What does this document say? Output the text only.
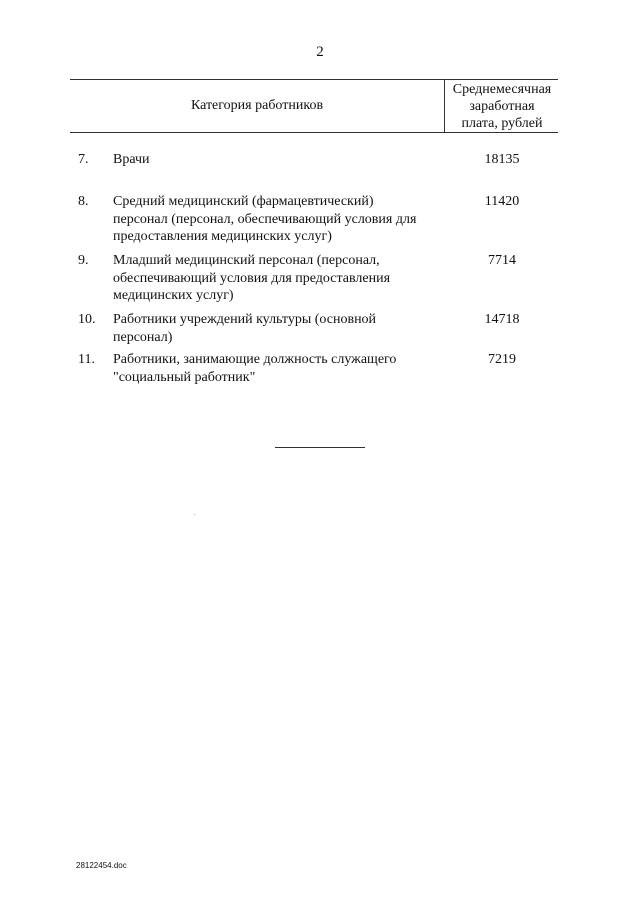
2
Категория работников
Среднемесячная
заработная
плата, рублей
7. Врачи	18135
8. Средний медицинский (фармацевтический)
персонал (персонал, обеспечивающий условия для
предоставления медицинских услуг)
11420
9. Младший медицинский персонал (персонал,
обеспечивающий условия для предоставления
медицинских услуг)
7714
10. Работники учреждений культуры (основной
персонал)
14718
11. Работники, занимающие должность служащего
"социальный работник"
7219
28122454.doc
